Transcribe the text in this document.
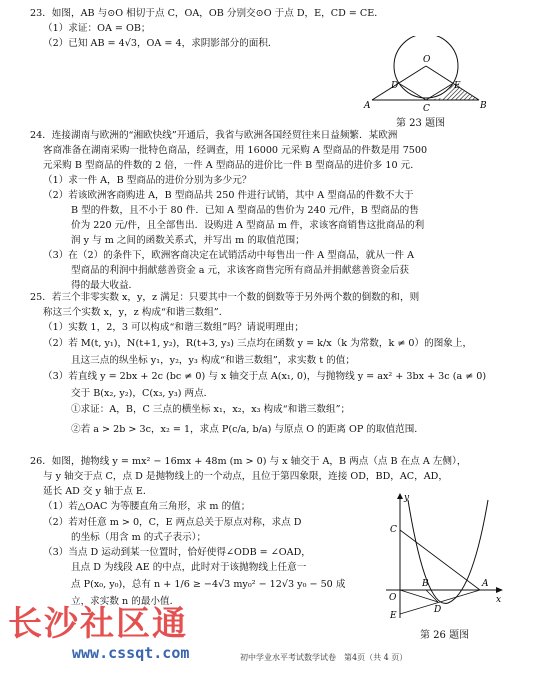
23．如图，AB 与⊙O 相切于点 C，OA，OB 分别交⊙O 于点 D，E，CD = CE．

（1）求证：OA = OB；

（2）已知 AB = 4√3，OA = 4，求阴影部分的面积．

O
A	B
C
D	E
第 23 题图

24．连接湖南与欧洲的“湘欧快线”开通后，我省与欧洲各国经贸往来日益频繁．某欧洲

客商准备在湖南采购一批特色商品，经调查，用 16000 元采购 A 型商品的件数是用 7500

元采购 B 型商品的件数的 2 倍，一件 A 型商品的进价比一件 B 型商品的进价多 10 元．

（1）求一件 A，B 型商品的进价分别为多少元？

（2）若该欧洲客商购进 A，B 型商品共 250 件进行试销，其中 A 型商品的件数不大于

B 型的件数，且不小于 80 件．已知 A 型商品的售价为 240 元/件，B 型商品的售

价为 220 元/件，且全部售出．设购进 A 型商品 m 件，求该客商销售这批商品的利

润 y 与 m 之间的函数关系式，并写出 m 的取值范围；

（3）在（2）的条件下，欧洲客商决定在试销活动中每售出一件 A 型商品，就从一件 A

型商品的利润中捐献慈善资金 a 元，求该客商售完所有商品并捐献慈善资金后获

得的最大收益．

25．若三个非零实数 x，y，z 满足：只要其中一个数的倒数等于另外两个数的倒数的和，则

称这三个实数 x，y，z 构成“和谐三数组”．

（1）实数 1，2，3 可以构成“和谐三数组”吗？请说明理由；

（2）若 M(t, y₁)，N(t+1, y₂)，R(t+3, y₃) 三点均在函数 y = k/x（k 为常数，k ≠ 0）的图象上，

且这三点的纵坐标 y₁，y₂，y₃ 构成“和谐三数组”，求实数 t 的值；

（3）若直线 y = 2bx + 2c (bc ≠ 0) 与 x 轴交于点 A(x₁, 0)，与抛物线 y = ax² + 3bx + 3c (a ≠ 0)

交于 B(x₂, y₂)，C(x₃, y₃) 两点．

①求证：A，B，C 三点的横坐标 x₁，x₂，x₃ 构成“和谐三数组”；

②若 a > 2b > 3c，x₂ = 1，求点 P(c/a, b/a) 与原点 O 的距离 OP 的取值范围．

26．如图，抛物线 y = mx² − 16mx + 48m (m > 0) 与 x 轴交于 A，B 两点（点 B 在点 A 左侧），

与 y 轴交于点 C，点 D 是抛物线上的一个动点，且位于第四象限，连接 OD，BD，AC，AD，

延长 AD 交 y 轴于点 E．

（1）若△OAC 为等腰直角三角形，求 m 的值；

（2）若对任意 m > 0，C，E 两点总关于原点对称，求点 D

的坐标（用含 m 的式子表示）；

（3）当点 D 运动到某一位置时，恰好使得∠ODB = ∠OAD，

且点 D 为线段 AE 的中点，此时对于该抛物线上任意一

点 P(x₀, y₀)，总有 n + 1/6 ≥ −4√3 my₀² − 12√3 y₀ − 50 成

立，求实数 n 的最小值．

y
x
C
O
B
D
A
E
第 26 题图
长沙社区通
www.cssqt.com	初中学业水平考试数学试卷　第4页（共 4 页）
